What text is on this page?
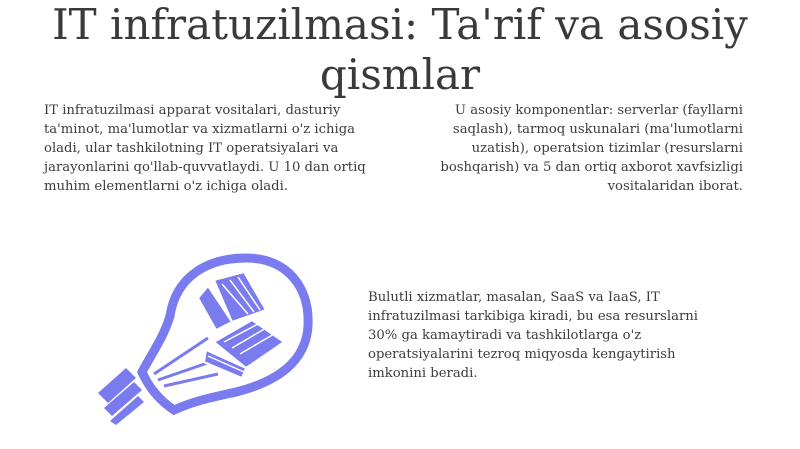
IT infratuzilmasi: Ta'rif va asosiy qismlar

IT infratuzilmasi apparat vositalari, dasturiy ta'minot, ma'lumotlar va xizmatlarni o'z ichiga oladi, ular tashkilotning IT operatsiyalari va jarayonlarini qo'llab-quvvatlaydi. U 10 dan ortiq muhim elementlarni o'z ichiga oladi.

U asosiy komponentlar: serverlar (fayllarni saqlash), tarmoq uskunalari (ma'lumotlarni uzatish), operatsion tizimlar (resurslarni boshqarish) va 5 dan ortiq axborot xavfsizligi vositalaridan iborat.

Bulutli xizmatlar, masalan, SaaS va IaaS, IT infratuzilmasi tarkibiga kiradi, bu esa resurslarni 30% ga kamaytiradi va tashkilotlarga o'z operatsiyalarini tezroq miqyosda kengaytirish imkonini beradi.
